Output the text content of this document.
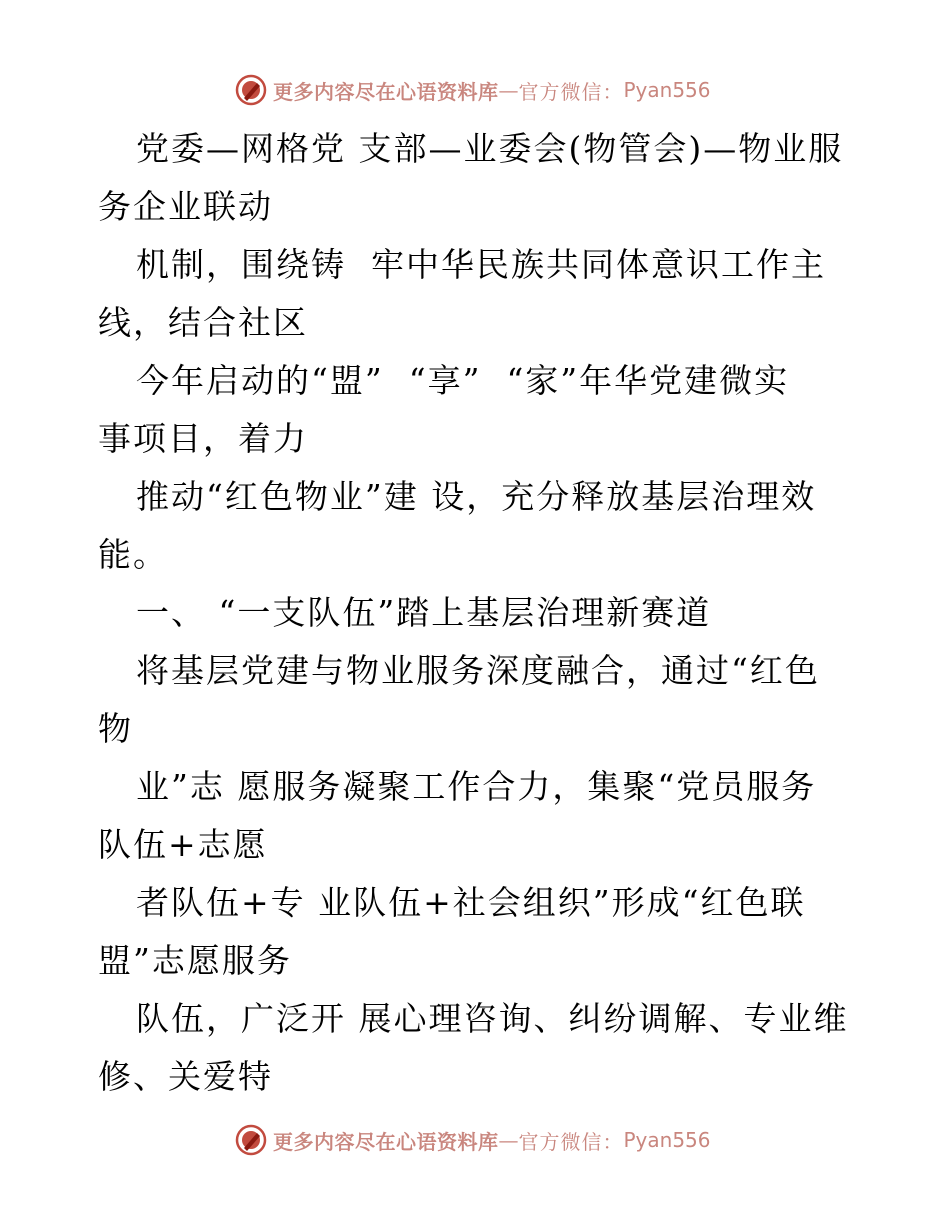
更多内容尽在心语资料库 — 官方微信： Pyan556
党委—网格党 支部—业委会(物管会)—物业服
务企业联动
机制，围绕铸  牢中华民族共同体意识工作主
线，结合社区
今年启动的“盟”  “享”  “家”年华党建微实
事项目，着力
推动“红色物业”建 设，充分释放基层治理效
能。
一、 “一支队伍”踏上基层治理新赛道
将基层党建与物业服务深度融合，通过“红色
物
业”志 愿服务凝聚工作合力，集聚“党员服务
队伍+志愿
者队伍+专 业队伍+社会组织”形成“红色联
盟”志愿服务
队伍，广泛开 展心理咨询、纠纷调解、专业维
修、关爱特
更多内容尽在心语资料库 — 官方微信： Pyan556
